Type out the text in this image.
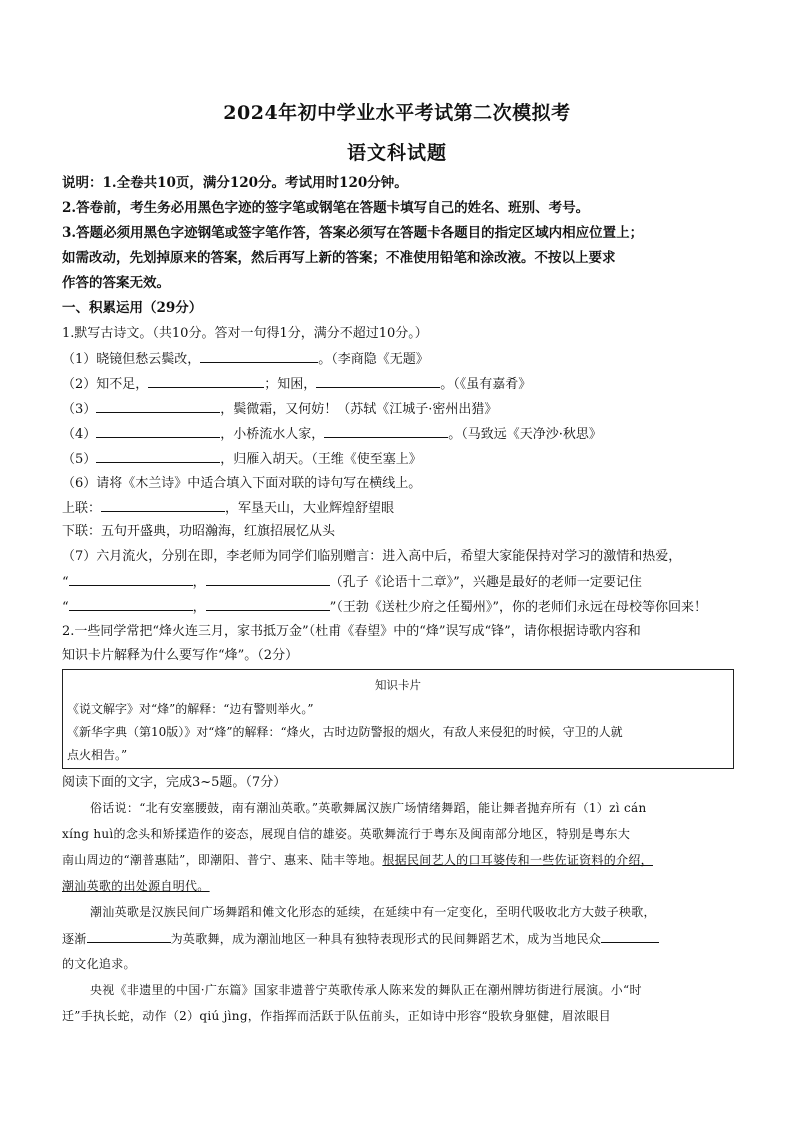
2024年初中学业水平考试第二次模拟考
语文科试题
说明：1.全卷共10页，满分120分。考试用时120分钟。
2.答卷前，考生务必用黑色字迹的签字笔或钢笔在答题卡填写自己的姓名、班别、考号。
3.答题必须用黑色字迹钢笔或签字笔作答，答案必须写在答题卡各题目的指定区域内相应位置上；
如需改动，先划掉原来的答案，然后再写上新的答案；不准使用铅笔和涂改液。不按以上要求
作答的答案无效。
一、积累运用（29分）
1.默写古诗文。（共10分。答对一句得1分，满分不超过10分。）
（1）晓镜但愁云鬓改，	。（李商隐《无题》
（2）知不足，	；知困，	。（《虽有嘉肴》
（3）	，鬓微霜，又何妨！（苏轼《江城子·密州出猎》
（4）	，小桥流水人家，	。（马致远《天净沙·秋思》
（5）	，归雁入胡天。（王维《使至塞上》
（6）请将《木兰诗》中适合填入下面对联的诗句写在横线上。
上联：	，军垦天山，大业辉煌舒望眼
下联：五句开盛典，功昭瀚海，红旗招展忆从头
（7）六月流火，分别在即，李老师为同学们临别赠言：进入高中后，希望大家能保持对学习的激情和热爱，
“	，	（孔子《论语十二章》”，兴趣是最好的老师一定要记住
“	，	”（王勃《送杜少府之任蜀州》”，你的老师们永远在母校等你回来！
2.一些同学常把“烽火连三月，家书抵万金”（杜甫《春望》中的“烽”误写成“锋”，请你根据诗歌内容和
知识卡片解释为什么要写作“烽”。（2分）
知识卡片
《说文解字》对“烽”的解释：“边有警则举火。”
《新华字典（第10版）》对“烽”的解释：“烽火，古时边防警报的烟火，有敌人来侵犯的时候，守卫的人就
点火相告。”
阅读下面的文字，完成3~5题。（7分）
俗话说：“北有安塞腰鼓，南有潮汕英歌。”英歌舞属汉族广场情绪舞蹈，能让舞者抛弃所有（1）zì cán
xíng huì的念头和矫揉造作的姿态，展现自信的雄姿。英歌舞流行于粤东及闽南部分地区，特别是粤东大
南山周边的“潮普惠陆”，即潮阳、普宁、惠来、陆丰等地。根据民间艺人的口耳婆传和一些佐证资料的介绍，
潮汕英歌的出处源自明代。
潮汕英歌是汉族民间广场舞蹈和傩文化形态的延续，在延续中有一定变化，至明代吸收北方大鼓子秧歌，
逐渐	为英歌舞，成为潮汕地区一种具有独特表现形式的民间舞蹈艺术，成为当地民众
的文化追求。
央视《非遗里的中国·广东篇》国家非遗普宁英歌传承人陈来发的舞队正在潮州牌坊街进行展演。小“时
迁”手执长蛇，动作（2）qiú jìng，作指挥而活跃于队伍前头，正如诗中形容“股软身躯健，眉浓眼目
